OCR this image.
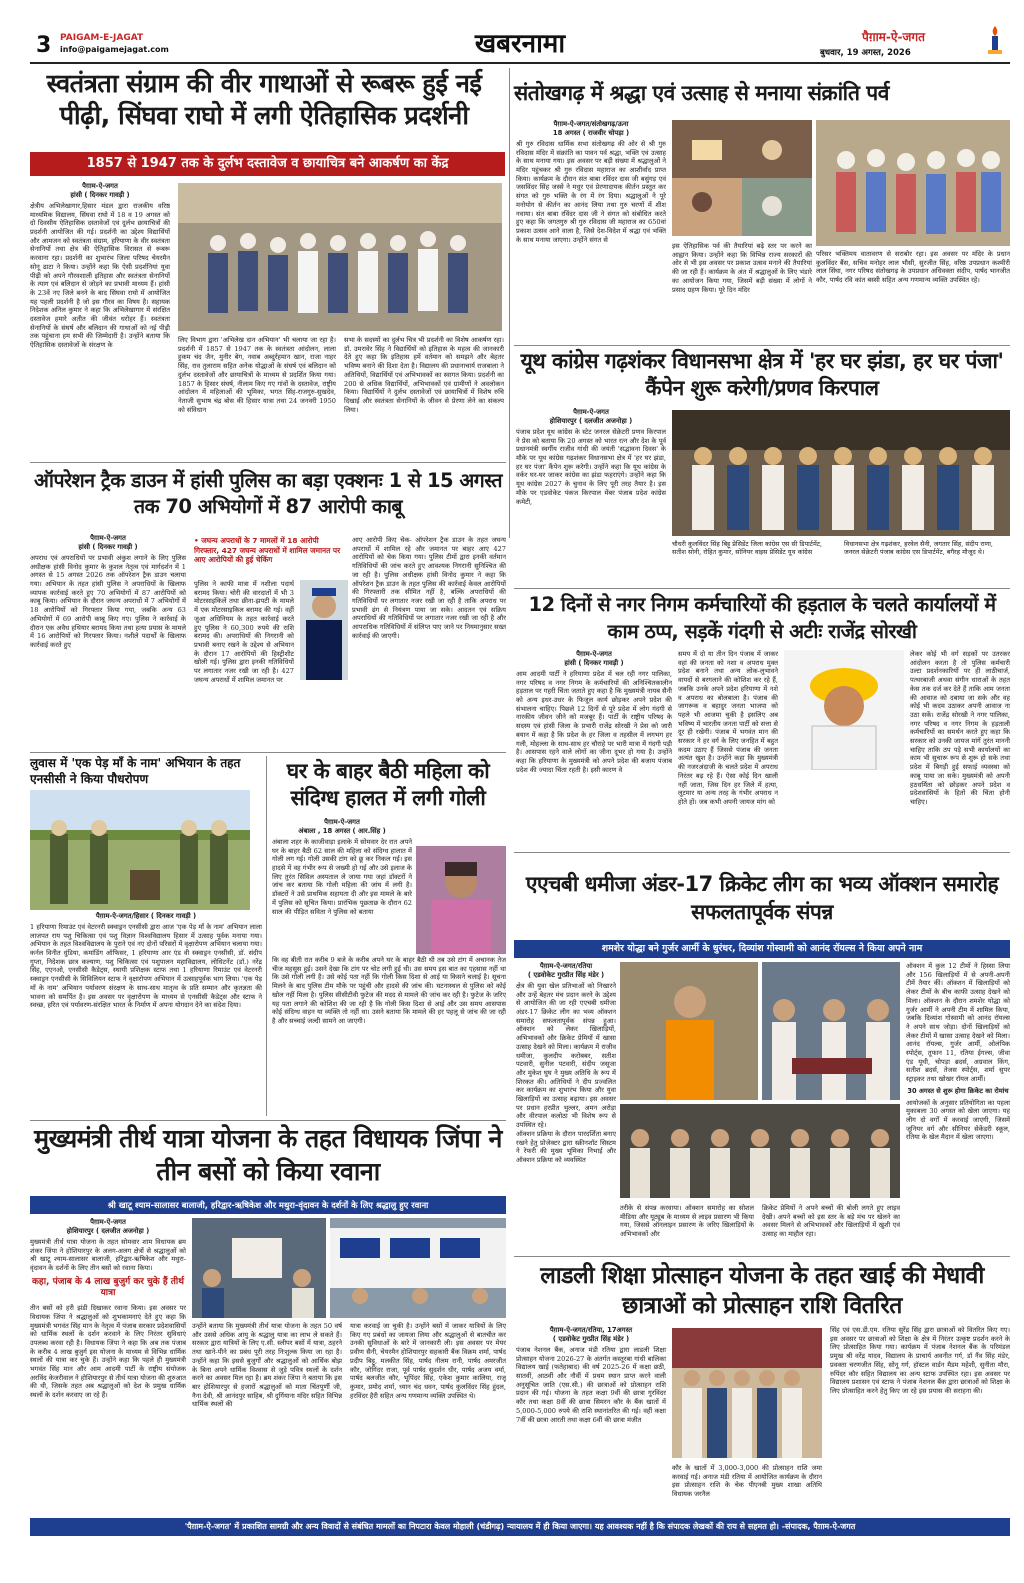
3 PAIGAM-E-JAGAT
info@paigamejagat.com	खबरनामा	पैग़ाम-ऐ-जगत
बुधवार, 19 अगस्त, 2026
स्वतंत्रता संग्राम की वीर गाथाओं से रूबरू हुई नई पीढ़ी, सिंघवा राघो में लगी ऐतिहासिक प्रदर्शनी
1857 से 1947 तक के दुर्लभ दस्तावेज व छायाचित्र बने आकर्षण का केंद्र
पैग़ाम-ऐ-जगत
हांसी ( दिनकर गावड़ी )
क्षेत्रीय अभिलेखागार,हिसार मंडल द्वारा राजकीय वरिष्ठ माध्यमिक विद्यालय, सिंघवा राघो में 18 व 19 अगस्त को दो दिवसीय ऐतिहासिक दस्तावेजों एवं दुर्लभ छायाचित्रों की प्रदर्शनी आयोजित की गई। प्रदर्शनी का उद्देश्य विद्यार्थियों और आमजन को स्वतंत्रता संग्राम, हरियाणा के वीर स्वतंत्रता सेनानियों तथा क्षेत्र की ऐतिहासिक विरासत से रूबरू करवाना रहा। प्रदर्शनी का शुभारंभ जिला परिषद चेयरमैन सोनू ढाटा ने किया। उन्होंने कहा कि ऐसी प्रदर्शनियां युवा पीढ़ी को अपने गौरवशाली इतिहास और स्वतंत्रता सेनानियों के त्याग एवं बलिदान से जोड़ने का प्रभावी माध्यम हैं। हांसी के 23वें नए जिले बनने के बाद सिंघवा राघो में आयोजित यह पहली प्रदर्शनी है जो इस गौरव का विषय है। सहायक निदेशक अनिल कुमार ने कहा कि अभिलेखागार में संरक्षित दस्तावेज हमारे अतीत की जीवंत धरोहर हैं। स्वतंत्रता सेनानियों के संघर्ष और बलिदान की गाथाओं को नई पीढ़ी तक पहुंचाना हम सभी की जिम्मेदारी है। उन्होंने बताया कि ऐतिहासिक दस्तावेजों के संरक्षण के
लिए विभाग द्वारा 'अभिलेख दान अभियान' भी चलाया जा रहा है। प्रदर्शनी में 1857 से 1947 तक के स्वतंत्रता आंदोलन, लाला हुकम चंद जैन, मुनीर बेग, नवाब अब्दुर्रहमान खान, राजा नाहर सिंह, राव तुलाराम सहित अनेक योद्धाओं के संघर्ष एवं बलिदान को दुर्लभ दस्तावेजों और छायाचित्रों के माध्यम से प्रदर्शित किया गया। 1857 के हिसार संघर्ष, नीलाम किए गए गांवों के दस्तावेज, राष्ट्रीय आंदोलन में महिलाओं की भूमिका, भगत सिंह-राजगुरु-सुखदेव, नेताजी सुभाष चंद्र बोस की हिसार यात्रा तथा 24 जनवरी 1950 को संविधान
सभा के सदस्यों का दुर्लभ चित्र भी प्रदर्शनी का विशेष आकर्षण रहा। डॉ. उमरावेर सिंह ने विद्यार्थियों को इतिहास के महत्व की जानकारी देते हुए कहा कि इतिहास हमें वर्तमान को समझने और बेहतर भविष्य बनाने की दिशा देता है। विद्यालय की प्रधानाचार्य राजबाला ने अतिथियों, विद्यार्थियों एवं अभिभावकों का स्वागत किया। प्रदर्शनी का 200 से अधिक विद्यार्थियों, अभिभावकों एवं ग्रामीणों ने अवलोकन किया। विद्यार्थियों ने दुर्लभ दस्तावेजों एवं छायाचित्रों में विशेष रुचि दिखाई और स्वतंत्रता सेनानियों के जीवन से प्रेरणा लेने का संकल्प लिया।
संतोखगढ़ में श्रद्धा एवं उत्साह से मनाया संक्रांति पर्व
पैग़ाम-ऐ-जगत/संतोखगढ़/ऊना
18 अगस्त ( राजवीर चोपड़ा )
श्री गुरु रविदास धार्मिक सभा संतोखगढ़ की ओर से श्री गुरु रविदास मंदिर में संक्रांति का पावन पर्व श्रद्धा, भक्ति एवं उत्साह के साथ मनाया गया। इस अवसर पर बड़ी संख्या में श्रद्धालुओं ने मंदिर पहुंचकर श्री गुरु रविदास महाराज का आशीर्वाद प्राप्त किया। कार्यक्रम के दौरान संत बाबा रविंदर दास जी बसुंगड़ एवं जसविंदर सिंह जस्से ने मधुर एवं प्रेरणादायक कीर्तन प्रस्तुत कर संगत को गुरु भक्ति के रंग में रंग दिया। श्रद्धालुओं ने पूरे मनोयोग से कीर्तन का आनंद लिया तथा गुरु चरणों में शीश नवाया। संत बाबा रविंदर दास जी ने संगत को संबोधित करते हुए कहा कि जगतगुरु श्री गुरु रविदास जी महाराज का 650वां प्रकाश उत्सव आने वाला है, जिसे देश-विदेश में श्रद्धा एवं भक्ति के साथ मनाया जाएगा। उन्होंने संगत से
इस ऐतिहासिक पर्व की तैयारियां बढ़े स्तर पर करने का आह्वान किया। उन्होंने कहा कि विभिन्न राज्य सरकारों की ओर से भी इस अवसर पर प्रकाश उत्सव मनाने की तैयारियां की जा रही हैं। कार्यक्रम के अंत में श्रद्धालुओं के लिए भंडारे का आयोजन किया गया, जिसमें बड़ी संख्या में लोगों ने प्रसाद ग्रहण किया। पूरे दिन मंदिर
परिसर भक्तिमय वातावरण से सराबोर रहा। इस अवसर पर मंदिर के प्रधान कुलविंदर बैंस, सचिव मनोहर लाल भौसी, सुरजीत सिंह, वरिष्ठ उपप्रधान कश्मीरी लाल सिंघा, नगर परिषद संतोखगढ़ के उपप्रधान अधिवक्ता संदीप, पार्षद भानजीत कौर, पार्षद रवि कांत बस्सी सहित अन्य गणमान्य व्यक्ति उपस्थित रहे।
यूथ कांग्रेस गढ़शंकर विधानसभा क्षेत्र में 'हर घर झंडा, हर घर पंजा' कैंपेन शुरू करेगी/प्रणव किरपाल
पैग़ाम-ऐ-जगत
होशियारपुर ( दलजीत अजनोहा )
पंजाब प्रदेश यूथ कांग्रेस के स्टेट जनरल सेक्रेटरी प्रणव किरपाल ने प्रेस को बताया कि 20 अगस्त को भारत रत्न और देश के पूर्व प्रधानमंत्री स्वर्गीय राजीव गांधी की जयंती 'सद्भावना दिवस' के मौके पर यूथ कांग्रेस गढ़शंकर विधानसभा क्षेत्र में 'हर घर झंडा, हर घर पंजा' कैंपेन शुरू करेगी। उन्होंने कहा कि यूथ कांग्रेस के वर्कर घर-घर जाकर कांग्रेस का झंडा फहराएंगे। उन्होंने कहा कि यूथ कांग्रेस 2027 के चुनाव के लिए पूरी तरह तैयार है। इस मौके पर एडवोकेट पंकज किरपाल मेंबर पंजाब प्रदेश कांग्रेस कमेटी,
चौधरी कुलविंदर सिंह बिट्टू प्रेसिडेंट जिला कांग्रेस एस सी डिपार्टमेंट, सतीश सोनी, रोहित कुमार, सोनियर वाइस प्रेसिडेंट यूथ कांग्रेस
विधानसभा क्षेत्र गढ़शंकर, हरवेल सैनी, जगतार सिंह, संदीप राणा, जनरल सेक्रेटरी पंजाब कांग्रेस एस डिपार्टमेंट, बगैरह मौजूद थे।
ऑपरेशन ट्रैक डाउन में हांसी पुलिस का बड़ा एक्शनः 1 से 15 अगस्त तक 70 अभियोगों में 87 आरोपी काबू
पैग़ाम-ऐ-जगत
हांसी ( दिनकर गावड़ी )
अपराध एवं अपराधियों पर प्रभावी अंकुश लगाने के लिए पुलिस अधीक्षक हांसी विनोद कुमार के कुशल नेतृत्व एवं मार्गदर्शन में 1 अगस्त से 15 अगस्त 2026 तक ऑपरेशन ट्रैक डाउन चलाया गया। अभियान के तहत हांसी पुलिस ने अपराधियों के खिलाफ व्यापक कार्रवाई करते हुए 70 अभियोगों में 87 आरोपियों को काबू किया। अभियान के दौरान जघन्य अपराधों में 7 अभियोगों में 18 आरोपियों को गिरफ्तार किया गया, जबकि अन्य 63 अभियोगों में 69 आरोपी काबू किए गए। पुलिस ने कार्रवाई के दौरान एक अवैध हथियार बरामद किया तथा हत्या प्रयास के मामले में 16 आरोपियों को गिरफ्तार किया। नशीले पदार्थों के खिलाफ कार्रवाई करते हुए
• जघन्य अपराधों के 7 मामलों में 18 आरोपी गिरफ्तार, 427 जघन्य अपराधों में शामिल जमानत पर आए आरोपियों की हुई चेकिंग
पुलिस ने काफी मात्रा में नशीला पदार्थ बरामद किया। चोरी की वारदातों में भी 3 मोटरसाइकिलें तथा छीना-झपटी के मामले में एक मोटरसाइकिल बरामद की गई। वहीं जुआ अधिनियम के तहत कार्रवाई करते हुए पुलिस ने 60,300 रुपये की राशि बरामद की। अपराधियों की निगरानी को प्रभावी बनाए रखने के उद्देश्य से अभियान के दौरान 17 आरोपियों की हिस्ट्रीशीट खोली गई। पुलिस द्वारा इनकी गतिविधियों पर लगातार नजर रखी जा रही है। 427 जघन्य अपराधों में शामिल जमानत पर
आए आरोपी किए चेक- ऑपरेशन ट्रैक डाउन के तहत जघन्य अपराधों में शामिल रहे और जमानत पर बाहर आए 427 आरोपियों को चेक किया गया। पुलिस टीमों द्वारा इनकी वर्तमान गतिविधियों की जांच करते हुए आवश्यक निगरानी सुनिश्चित की जा रही है। पुलिस अधीक्षक हांसी विनोद कुमार ने कहा कि ऑपरेशन ट्रैक डाउन के तहत पुलिस की कार्रवाई केवल आरोपियों की गिरफ्तारी तक सीमित नहीं है, बल्कि अपराधियों की गतिविधियों पर लगातार नजर रखी जा रही है ताकि अपराध पर प्रभावी ढंग से नियंत्रण पाया जा सके। आदतन एवं सक्रिय अपराधियों की गतिविधियों पर लगातार नजर रखी जा रही है और आपराधिक गतिविधियों में संलिप्त पाए जाने पर नियमानुसार सख्त कार्रवाई की जाएगी।
लुवास में 'एक पेड़ माँ के नाम' अभियान के तहत एनसीसी ने किया पौधरोपण
पैग़ाम-ऐ-जगत/हिसार ( दिनकर गावड़ी )
1 हरियाणा रिमाउंट एवं वेटरनरी स्क्वाड्रन एनसीसी द्वारा आज 'एक पेड़ माँ के नाम' अभियान लाला लाजपत राय पशु चिकित्सा एवं पशु विज्ञान विश्वविद्यालय हिसार में उत्साह पूर्वक मनाया गया।अभियान के तहत विश्वविद्यालय के पुराने एवं नए दोनों परिसरों में वृक्षारोपण अभियान चलाया गया। कर्नल विनीत धुंडिया, कमांडिंग ऑफिसर, 1 हरियाणा आर एंड वी स्क्वाड्रन एनसीसी, डॉ. संदीप गुप्ता, निदेशक छात्र कल्याण, पशु चिकित्सा एवं पशुपालन महाविद्यालय, लोधिटनेंट (डॉ.) नरेंद्र सिंह, एएनओ, एनसीसी कैडेट्स, स्थायी प्रशिक्षक स्टाफ तथा 1 हरियाणा रिमाउंट एवं वेटरनरी स्क्वाड्रन एनसीसी के सिविलियन स्टाफ ने वृक्षारोपण अभियान में उत्साहपूर्वक भाग लिया। 'एक पेड़ माँ के नाम' अभियान पर्यावरण संरक्षण के साथ-साथ मातृत्व के प्रति सम्मान और कृतज्ञता की भावना को समर्पित है। इस अवसर पर वृक्षारोपण के माध्यम से एनसीसी कैडेट्स और स्टाफ ने स्वच्छ, हरित एवं पर्यावरण-संरक्षित भारत के निर्माण में अपना योगदान देने का संदेश दिया।
घर के बाहर बैठी महिला को संदिग्ध हालत में लगी गोली
पैग़ाम-ऐ-जगत
अंबाला , 18 अगस्त ( आर.सिंह )
अंबाला शहर के काजीवाड़ा इलाके में सोमवार देर रात अपने घर के बाहर बैठी 62 साल की महिला को संदिग्ध हालात में गोली लग गई। गोली उसकी टांग को छू कर निकल गई। इस हादसे में वह गंभीर रूप से जख्मी हो गई और उसे इलाज के लिए तुरंत सिविल अस्पताल ले जाया गया जहां डॉक्टरों ने जांच कर बताया कि गोली महिला की जांघ में लगी है। डॉक्टरों ने उसे प्राथमिक सहायता दी और इस मामले के बारे में पुलिस को सूचित किया। प्रारंभिक पूछताछ के दौरान 62 साल की पीड़ित सविता ने पुलिस को बताया
कि वह बीती रात करीब 9 बजे के करीब अपने घर के बाहर बैठी थी तब उसे टांग में अचानक तेज चीज महसूस हुई। उसने देखा कि टांग पर चोट लगी हुई थी। उस समय इस बात का एहसास नहीं था कि उसे गोली लगी है। उसे कोई पता नहीं कि गोली किस दिशा से आई या किसने चलाई है। सूचना मिलने के बाद पुलिस टीम मौके पर पहुंची और हादसे की जांच की। घटनास्थल से पुलिस को कोई खोल नहीं मिला है। पुलिस सीसीटीवी फुटेज की मदद से मामले की जांच कर रही है। फुटेज के जरिए यह पता लगाने की कोशिश की जा रही है कि गोली किस दिशा से आई और उस समय आसपास कोई संदिग्ध वाहन या व्यक्ति तो नहीं था। उसने बताया कि मामले की हर पहलू से जांच की जा रही है और सच्चाई जल्दी सामने आ जाएगी।
12 दिनों से नगर निगम कर्मचारियों की हड़ताल के चलते कार्यालयों में काम ठप्प, सड़कें गंदगी से अटीः राजेंद्र सोरखी
पैग़ाम-ऐ-जगत
हांसी ( दिनकर गावड़ी )
आम आदमी पार्टी ने हरियाणा प्रदेश में चल रही नगर पालिका, नगर परिषद व नगर निगम के कर्मचारियों की अनिश्चितकालीन हड़ताल पर गहरी चिंता जताते हुए कहा है कि मुख्यमंत्री नायब सैनी को अन्य इधर-उधर के फिजूल कार्य छोड़कर अपने प्रदेश की संभालना चाहिए। पिछले 12 दिनों से पूरे प्रदेश में लोग गंदगी से नारकीय जीवन जीने को मजबूर हैं। पार्टी के राष्ट्रीय परिषद के सदस्य एवं हांसी जिला के प्रभारी राजेंद्र सोरखी ने प्रेस को जारी बयान में कहा है कि प्रदेश के हर जिला व तहसील में लगभग हर गली, मोहल्ला के साथ-साथ हर चौराहे पर भारी मात्रा में गंदगी पड़ी है। आसपास रहने वाले लोगों का जीना दूभर हो गया है। उन्होंने कहा कि हरियाणा के मुख्यमंत्री को अपने प्रदेश की बजाय पंजाब प्रदेश की ज्यादा चिंता रहती है। इसी कारण वे
समय में दो या तीन दिन पंजाब में जाकर वहां की जनता को नशा व अपराध मुक्त प्रदेश बनाने तथा अन्य लोक-लुभावने वायदों से बरगलाने की कोशिश कर रहे हैं, जबकि उनके अपने प्रदेश हरियाणा में नशे व अपराध का बोलबाला है। पंजाब की जागरूक व बहादुर जनता भाजपा को पहले भी आजमा चुकी है इसलिए अब भविष्य में भारतीय जनता पार्टी को सत्ता से दूर ही रखेगी। पंजाब में भगवंत मान की सरकार ने हर वर्ग के लिए जनहित में बहुत कदम उठाए हैं जिससे पंजाब की जनता अत्यंत खुश है। उन्होंने कहा कि मुख्यमंत्री की नजरअंदाजी के चलते प्रदेश में अपराध निरंतर बढ़ रहे हैं। ऐसा कोई दिन खाली नहीं जाता, जिस दिन हर जिले में हत्या, लूटमार या अन्य तरह के गंभीर अपराध न होते हों। जब कभी अपनी जायज मांग को
लेकर कोई भी वर्ग सड़कों पर उतरकर आंदोलन करता है तो पुलिस कर्मचारी उल्टा प्रदर्शनकारियों पर ही लाठीचार्ज, पत्थरबाजी अथवा संगीन धाराओं के तहत केस तक दर्ज कर देते हैं ताकि आम जनता की आवाज को दबाया जा सके और वह कोई भी कदम उठाकर अपनी आवाज ना उठा सकें। राजेंद्र सोरखी ने नगर पालिका, नगर परिषद व नगर निगम के हड़ताली कर्मचारियों का समर्थन करते हुए कहा कि सरकार को उनकी जायज मांगें तुरंत माननी चाहिए ताकि ठप पड़े सभी कार्यालयों का काम भी सुचारू रूप से शुरू हो सके तथा प्रदेश में बिगड़ी हुई सफाई व्यवस्था को काबू पाया जा सके। मुख्यमंत्री को अपनी हठधर्मिता को छोड़कर अपने प्रदेश व प्रदेशवासियों के हितों की चिंता होनी चाहिए।
एएचबी धमीजा अंडर-17 क्रिकेट लीग का भव्य ऑक्शन समारोह सफलतापूर्वक संपन्न
शमशेर योद्धा बने गुर्जर आर्मी के धुरंधर, दिव्यांश गोस्वामी को आनंद रॉयल्स ने किया अपने नाम
पैग़ाम-ऐ-जगत/रतिया
( एडवोकेट गुरप्रीत सिंह मंडेर )
क्षेत्र की युवा खेल प्रतिभाओं को निखारने और उन्हें बेहतर मंच प्रदान करने के उद्देश्य से आयोजित की जा रही एएचबी धमीजा अंडर-17 क्रिकेट लीग का भव्य ऑक्शन समारोह सफलतापूर्वक संपन्न हुआ। ऑक्शन को लेकर खिलाड़ियों, अभिभावकों और क्रिकेट प्रेमियों में खासा उत्साह देखने को मिला। कार्यक्रम में राजीव धमीजा, कुलदीप करोबबर, सतीश पटवारी, सुनील पटवारी, संदीप जसूजा और मुकेश घुघ ने मुख्य अतिथि के रूप में शिरकत की। अतिथियों ने दीप प्रज्वलित कर कार्यक्रम का शुभारंभ किया और युवा खिलाड़ियों का उत्साह बढ़ाया। इस अवसर पर प्रधान हरप्रीत भुल्लर, अमन अरोड़ा और वीरपाल कलोठा भी विशेष रूप से उपस्थित रहे।
ऑक्शन प्रक्रिया के दौरान पारदर्शिता बनाए रखने हेतु प्रोजेक्टर द्वारा स्क्रीनशॉट सिस्टम ने रेफरी की मुख्य भूमिका निभाई और ऑक्शन प्रक्रिया को व्यवस्थित
तरीके से संपन्न करवाया। ऑक्शन समारोह का सोशल मीडिया और यूट्यूब के माध्यम से लाइव प्रसारण भी किया गया, जिससे ऑनलाइन प्रसारण के जरिए खिलाड़ियों के अभिभावकों और
क्रिकेट प्रेमियों ने अपने बच्चों की बोली लगते हुए लाइव देखी। अपने बच्चों को इस स्तर के बड़े मंच पर खेलने का अवसर मिलने से अभिभावकों और खिलाड़ियों में खुशी एवं उत्साह का माहौल रहा।
ऑक्शन में कुल 12 टीमों ने हिस्सा लिया और 156 खिलाड़ियों में से अपनी-अपनी टीमें तैयार कीं। ऑक्शन में खिलाड़ियों को लेकर टीमों के बीच काफी उत्साह देखने को मिला। ऑक्शन के दौरान शमशेर योद्धा को गुर्जर आर्मी ने अपनी टीम में शामिल किया, जबकि दिव्यांश गोस्वामी को आनंद रॉयल्स ने अपने साथ जोड़ा। दोनों खिलाड़ियों को लेकर टीमों में खासा उत्साह देखने को मिला। आनंद रॉयल्स, गुर्जर आर्मी, ओलंपिक स्पोर्ट्स, तूफान 11, रतिया ईगल्स, जीवा एंड यूथी, चोपड़ा ब्रदर्स, अग्रवाल किंग, सतीश ब्रदर्स, तेजस स्पोर्ट्स, शर्मा सुपर स्ट्राइकर तथा खोखर रॉयल आर्मी।
30 अगस्त से शुरू होगा क्रिकेट का रोमांच
आयोजकों के अनुसार प्रतियोगिता का पहला मुकाबला 30 अगस्त को खेला जाएगा। यह लीग दो वर्गों में करवाई जाएगी, जिसमें जूनियर वर्ग और सीनियर सेकेंडरी स्कूल, रतिया के खेल मैदान में खेला जाएगा।
मुख्यमंत्री तीर्थ यात्रा योजना के तहत विधायक जिंपा ने तीन बसों को किया रवाना
श्री खाटू श्याम-सालासर बालाजी, हरिद्वार-ऋषिकेश और मथुरा-वृंदावन के दर्शनों के लिए श्रद्धालु हुए रवाना
पैग़ाम-ऐ-जगत
होशियारपुर ( दलजीत अजनोहा )
मुख्यमंत्री तीर्थ यात्रा योजना के तहत सोमवार शाम विधायक ब्रम शंकर जिंपा ने होशियारपुर के अलग-अलग क्षेत्रों से श्रद्धालुओं को श्री खाटू श्याम-सालासर बालाजी, हरिद्वार-ऋषिकेश और मथुरा-वृंदावन के दर्शनों के लिए तीन बसों को रवाना किया।
कहा, पंजाब के 4 लाख बुजुर्ग कर चुके हैं तीर्थ यात्रा
तीन बसों को हरी झंडी दिखाकर रवाना किया। इस अवसर पर विधायक जिंपा ने श्रद्धालुओं को शुभकामनाएं देते हुए कहा कि मुख्यमंत्री भगवंत सिंह मान के नेतृत्व में पंजाब सरकार प्रदेशवासियों को धार्मिक स्थलों के दर्शन करवाने के लिए निरंतर सुविधाएं उपलब्ध करवा रही है। विधायक जिंपा ने कहा कि अब तक पंजाब के करीब 4 लाख बुजुर्ग इस योजना के माध्यम से विभिन्न धार्मिक स्थलों की यात्रा कर चुके हैं। उन्होंने कहा कि पहले ही मुख्यमंत्री भगवंत सिंह मान और आम आदमी पार्टी के राष्ट्रीय संयोजक अरविंद केजरीवाल ने होशियारपुर से तीर्थ यात्रा योजना की शुरुआत की थी, जिसके तहत अब श्रद्धालुओं को देश के प्रमुख धार्मिक स्थलों के दर्शन करवाए जा रहे हैं।
उन्होंने बताया कि मुख्यमंत्री तीर्थ यात्रा योजना के तहत 50 वर्ष और उससे अधिक आयु के श्रद्धालु यात्रा का लाभ ले सकते हैं। सरकार द्वारा यात्रियों के लिए ए.सी. स्लीपर बसों में यात्रा, ठहरने तथा खाने-पीने का प्रबंध पूरी तरह निःशुल्क किया जा रहा है। उन्होंने कहा कि इससे बुजुर्गों और श्रद्धालुओं को आर्थिक बोझ के बिना अपने धार्मिक विश्वास से जुड़े पवित्र स्थलों के दर्शन करने का अवसर मिल रहा है। ब्रम शंकर जिंपा ने बताया कि इस बार होशियारपुर से हजारों श्रद्धालुओं को माता चिंतपूर्णी जी, नैना देवी, श्री आनंदपुर साहिब, श्री दुर्गियाना मंदिर सहित विभिन्न धार्मिक स्थलों की
यात्रा करवाई जा चुकी है। उन्होंने बसों में जाकर यात्रियों के लिए किए गए प्रबंधों का जायजा लिया और श्रद्धालुओं से बातचीत कर उनकी सुविधाओं के बारे में जानकारी ली। इस अवसर पर मेयर प्रवीण सैनी, चेयरमैन होशियारपुर सहकारी बैंक विक्रम शर्मा, पार्षद प्रदीप बिट्टू, मलकीत सिंह, पार्षद नीलम रानी, पार्षद अमरजीत कौर, जोगिंदर राजा, पूर्व पार्षद सुदर्शन धीर, पार्षद अजय वर्मा, पार्षद बलजीत कौर, भूपिंदर सिंह, एकेश कुमार कालिया, राजू कुमार, प्रमोद शर्मा, ध्यान चंद धवन, पार्षद कुलविंदर सिंह हुंदल, हरविंदर हैरी सहित अन्य गणमान्य व्यक्ति उपस्थित थे।
लाडली शिक्षा प्रोत्साहन योजना के तहत खाई की मेधावी छात्राओं को प्रोत्साहन राशि वितरित
पैग़ाम-ऐ-जगत/रतिया, 17अगस्त
( एडवोकेट गुरप्रीत सिंह मंडेर )
पंजाब नेशनल बैंक, अनाज मंडी रतिया द्वारा लाडली शिक्षा प्रोत्साहन योजना 2026-27 के अंतर्गत कस्तूरबा गांधी बालिका विद्यालय खाई (फतेहाबाद) की वर्ष 2025-26 में कक्षा छठी, सातवीं, आठवीं और नौवीं में प्रथम स्थान प्राप्त करने वाली अनुसूचित जाति (एस.सी.) की छात्राओं को प्रोत्साहन राशि प्रदान की गई। योजना के तहत कक्षा 9वीं की छात्रा गुरविंदर कौर तथा कक्षा 8वीं की छात्रा सिमरन कौर के बैंक खातों में 5,000-5,000 रुपये की राशि स्थानांतरित की गई। वहीं कक्षा 7वीं की छात्रा आरती तथा कक्षा 6वीं की छात्रा मंजीत
कौर के खातों में 3,000-3,000 की प्रोत्साहन राशि जमा करवाई गई। अनाज मंडी रतिया में आयोजित कार्यक्रम के दौरान इस प्रोत्साहन राशि के चेक पीएनबी मुख्य शाखा अतिथि विधायक जरनैल
सिंह एवं एस.डी.एम. रतिया सुरेंद्र सिंह द्वारा छात्राओं को वितरित किए गए। इस अवसर पर छात्राओं को शिक्षा के क्षेत्र में निरंतर उत्कृष्ट प्रदर्शन करने के लिए प्रोत्साहित किया गया। कार्यक्रम में पंजाब नेशनल बैंक के परिमंडल प्रमुख श्री वरेंद्र यादव, विद्यालय के प्राचार्य अवनीत गर्ग, डॉ नैंव सिंह मंडेर, प्रवक्ता चरणजीत सिंह, सोनू गर्ग, हॉस्टल वार्डन मैडम महेशी, सुनीता मौरा, रुपिंदर कौर सहित विद्यालय का अन्य स्टाफ उपस्थित रहा। इस अवसर पर विद्यालय प्रशासन एवं स्टाफ ने पंजाब नेशनल बैंक द्वारा छात्राओं को शिक्षा के लिए प्रोत्साहित करने हेतु किए जा रहे इस प्रयास की सराहना की।
'पैग़ाम-ऐ-जगत' में प्रकाशित सामग्री और अन्य विवादों से संबंधित मामलों का निपटारा केवल मोहाली (चंडीगढ़) न्यायालय में ही किया जाएगा। यह आवश्यक नहीं है कि संपादक लेखकों की राय से सहमत हो। -संपादक, पैग़ाम-ऐ-जगत
